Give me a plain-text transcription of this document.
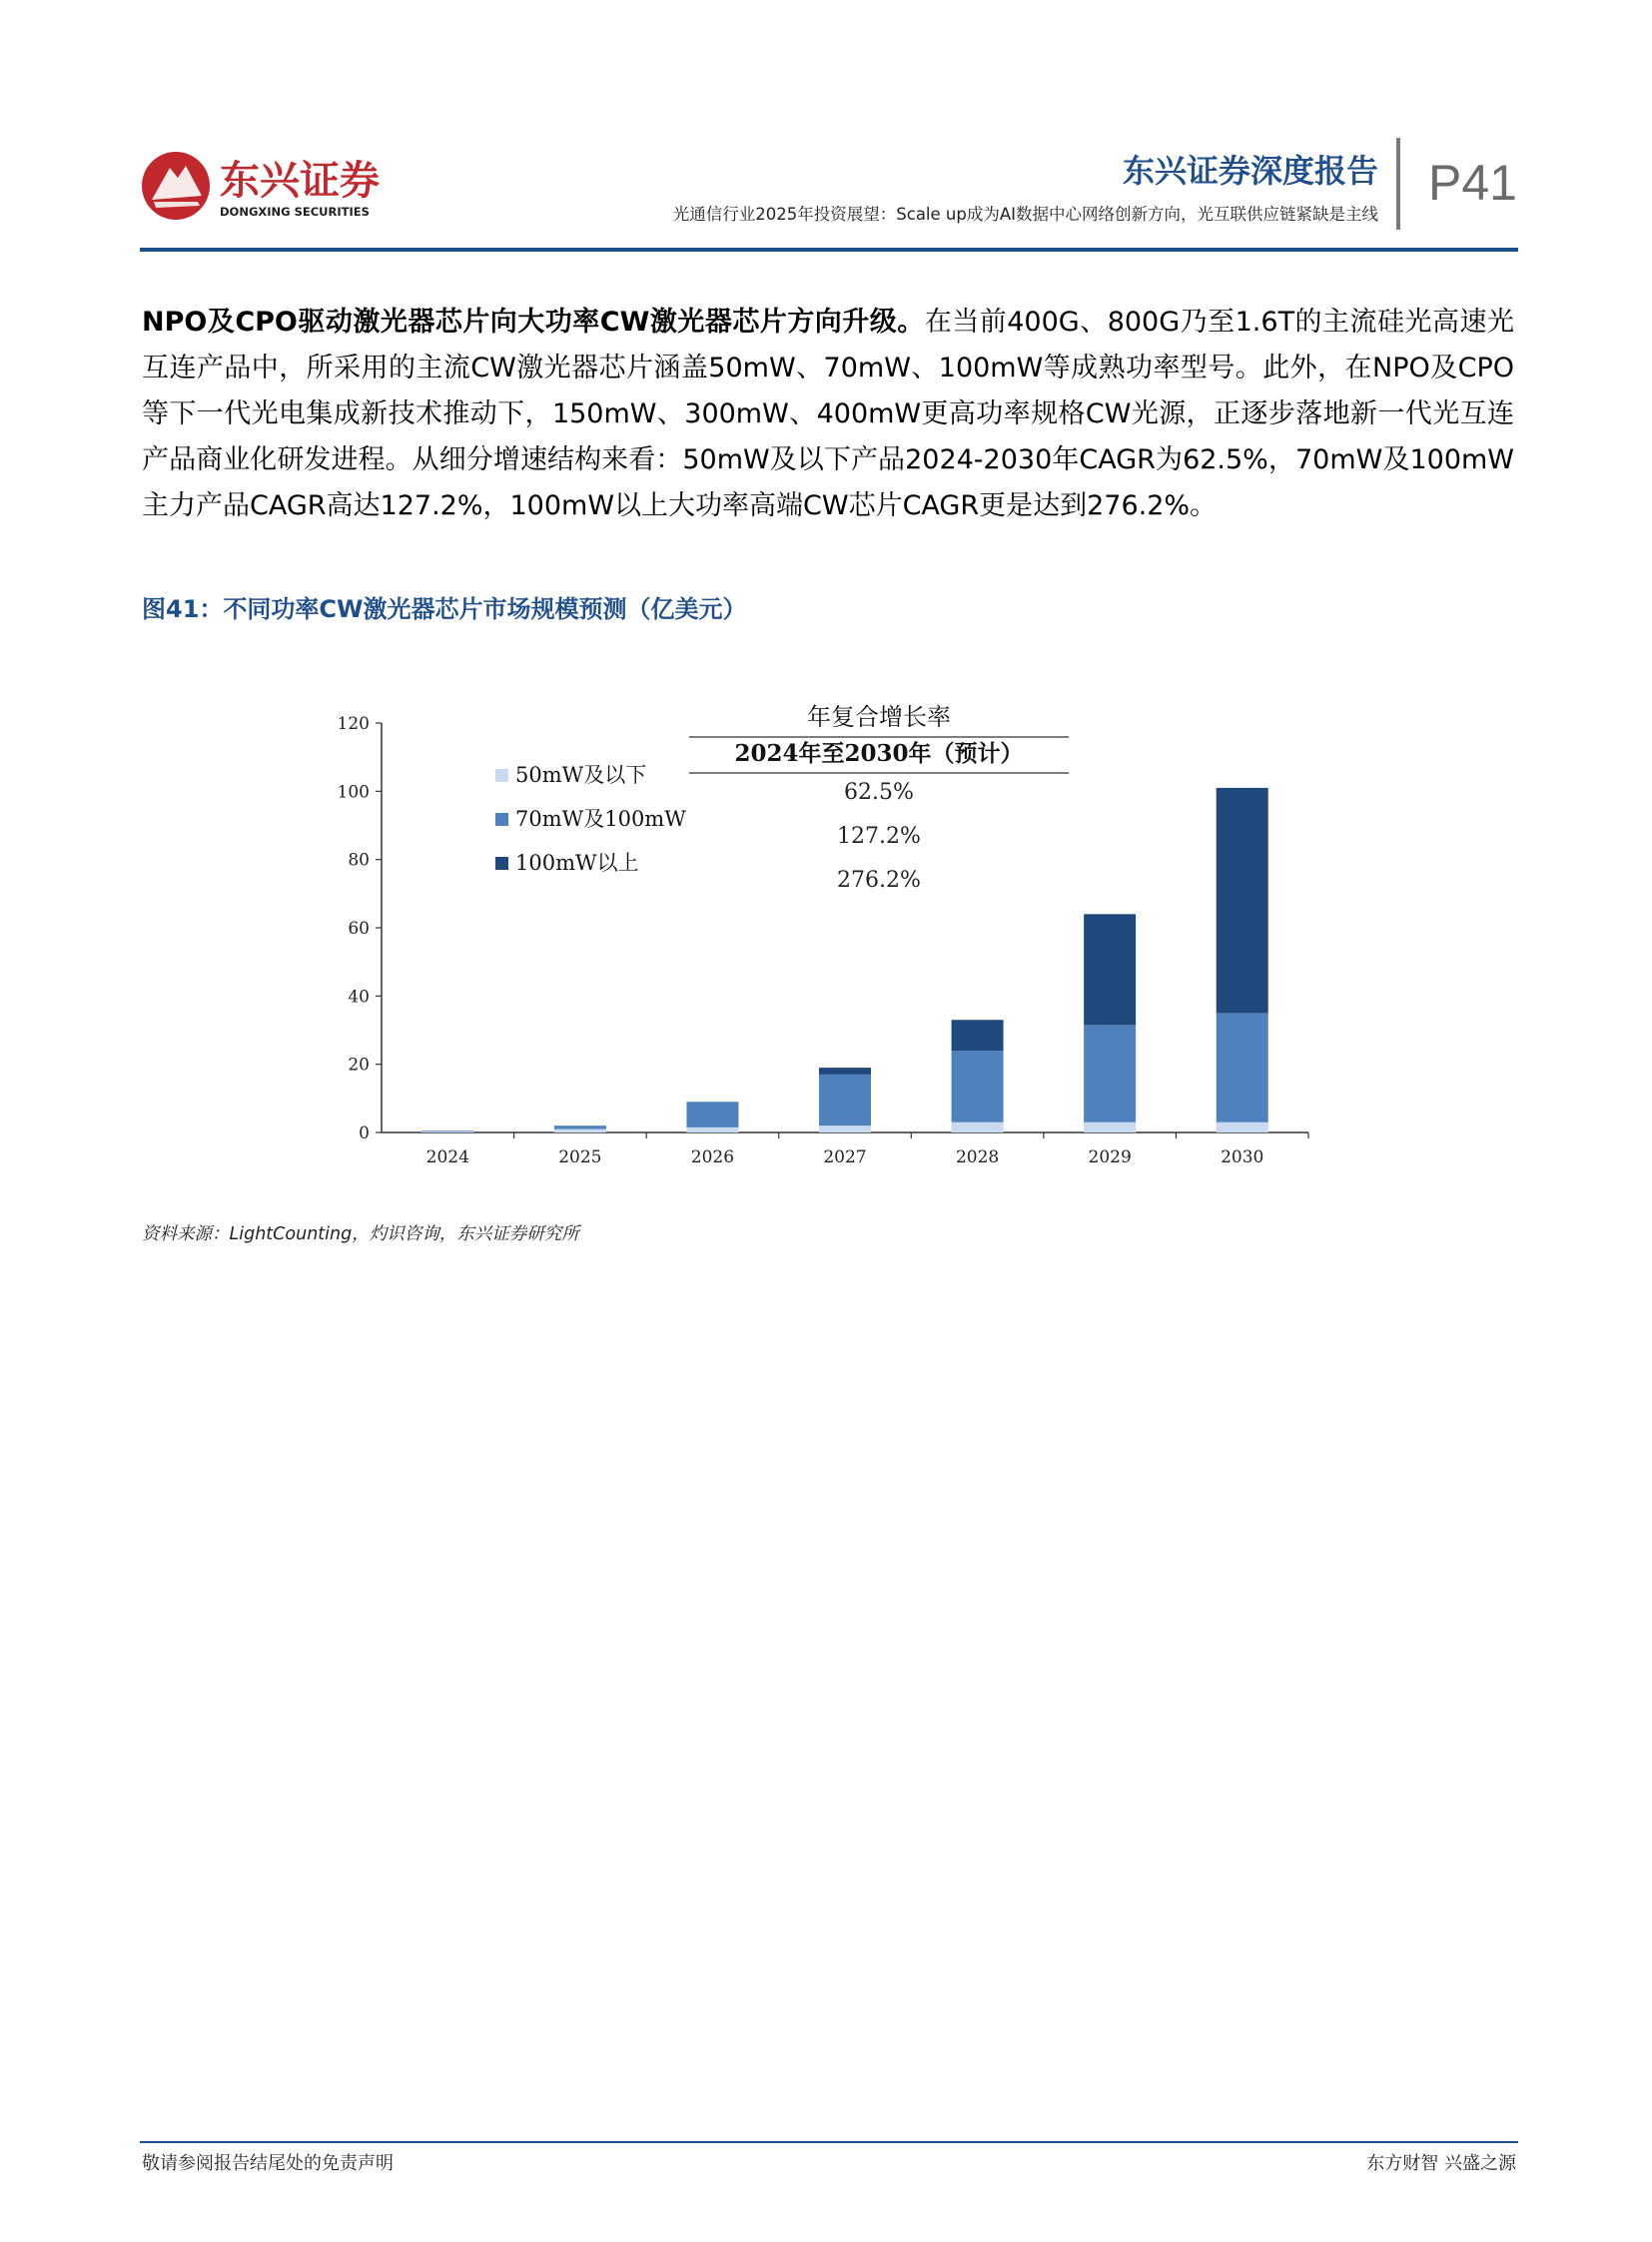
东兴证券
DONGXING SECURITIES
东兴证券深度报告 P41
光通信行业2025年投资展望：Scale up成为AI数据中心网络创新方向，光互联供应链紧缺是主线
NPO及CPO驱动激光器芯片向大功率CW激光器芯片方向升级。在当前400G、800G乃至1.6T的主流硅光高速光互连产品中，所采用的主流CW激光器芯片涵盖50mW、70mW、100mW等成熟功率型号。此外，在NPO及CPO等下一代光电集成新技术推动下，150mW、300mW、400mW更高功率规格CW光源，正逐步落地新一代光互连产品商业化研发进程。从细分增速结构来看：50mW及以下产品2024-2030年CAGR为62.5%，70mW及100mW主力产品CAGR高达127.2%，100mW以上大功率高端CW芯片CAGR更是达到276.2%。
图41：不同功率CW激光器芯片市场规模预测（亿美元）
0
20
40
60
80
100
120
2024	2025	2026	2027	2028	2029	2030
50mW及以下
70mW及100mW
100mW以上
年复合增长率
2024年至2030年（预计）
62.5%
127.2%
276.2%
资料来源：LightCounting，灼识咨询，东兴证券研究所
敬请参阅报告结尾处的免责声明	东方财智 兴盛之源
